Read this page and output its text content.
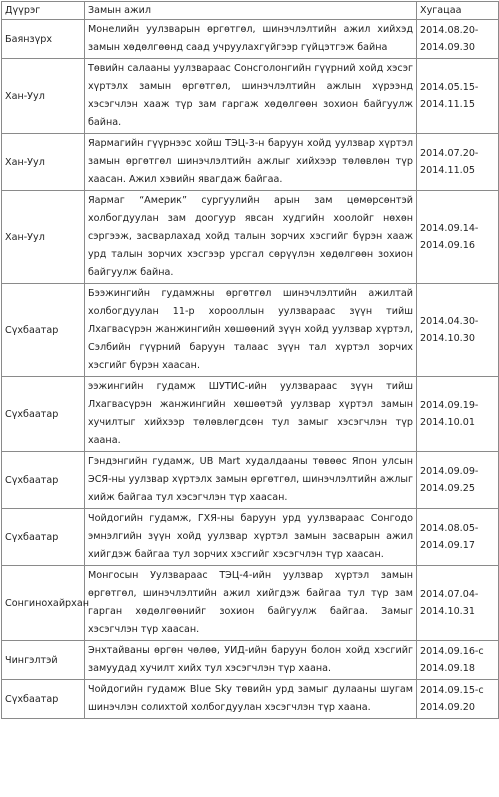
Дүүрэг	Замын ажил	Хугацаа
Баянзүрх	Монелийн уулзварын өргөтгөл, шинэчлэлтийн ажил хийхэд замын хөдөлгөөнд саад учруулахгүйгээр гүйцэтгэж байна	2014.08.20-
2014.09.30
Хан-Уул	Төвийн салааны уулзвараас Сонсголонгийн гүүрний хойд хэсэг хүртэлх замын өргөтгөл, шинэчлэлтийн ажлын хүрээнд хэсэгчлэн хааж түр зам гаргаж хөдөлгөөн зохион байгуулж байна.	2014.05.15-
2014.11.15
Хан-Уул	Яармагийн гүүрнээс хойш ТЭЦ-3-н баруун хойд уулзвар хүртэл замын өргөтгөл шинэчлэлтийн ажлыг хийхээр төлөвлөн түр хаасан. Ажил хэвийн явагдаж байгаа.	2014.07.20-
2014.11.05
Хан-Уул	Яармаг “Америк” сургуулийн арын зам цөмөрсөнтэй холбогдуулан зам доогуур явсан худгийн хоолойг нөхөн сэргээж, засварлахад хойд талын зорчих хэсгийг бүрэн хааж урд талын зорчих хэсгээр урсгал сөрүүлэн хөдөлгөөн зохион байгуулж байна.	2014.09.14-
2014.09.16
Сүхбаатар	Бээжингийн гудамжны өргөтгөл шинэчлэлтийн ажилтай холбогдуулан 11-р хорооллын уулзвараас зүүн тийш Лхагвасүрэн жанжингийн хөшөөний зүүн хойд уулзвар хүртэл, Сэлбийн гүүрний баруун талаас зүүн тал хүртэл зорчих хэсгийг бүрэн хаасан.	2014.04.30-
2014.10.30
Сүхбаатар	ээжингийн гудамж ШУТИС-ийн уулзвараас зүүн тийш Лхагвасүрэн жанжингийн хөшөөтэй уулзвар хүртэл замын хучилтыг хийхээр төлөвлөгдсөн тул замыг хэсэгчлэн түр хаана.	2014.09.19-
2014.10.01
Сүхбаатар	Гэндэнгийн гудамж, UB Mart худалдааны төвөөс Япон улсын ЭСЯ-ны уулзвар хүртэлх замын өргөтгөл, шинэчлэлтийн ажлыг хийж байгаа тул хэсэгчлэн түр хаасан.	2014.09.09-
2014.09.25
Сүхбаатар	Чойдогийн гудамж, ГХЯ-ны баруун урд уулзвараас Сонгодо эмнэлгийн зүүн хойд уулзвар хүртэл замын засварын ажил хийгдэж байгаа тул зорчих хэсгийг хэсэгчлэн түр хаасан.	2014.08.05-
2014.09.17
Сонгинохайрхан	Монгосын Уулзвараас ТЭЦ-4-ийн уулзвар хүртэл замын өргөтгөл, шинэчлэлтийн ажил хийгдэж байгаа тул түр зам гарган хөдөлгөөнийг зохион байгуулж байгаа. Замыг хэсэгчлэн түр хаасан.	2014.07.04-
2014.10.31
Чингэлтэй	Энхтайваны өргөн чөлөө, УИД-ийн баруун болон хойд хэсгийг замуудад хучилт хийх тул хэсэгчлэн түр хаана.	2014.09.16-с
2014.09.18
Сүхбаатар	Чойдогийн гудамж Blue Sky төвийн урд замыг дулааны шугам шинэчлэн солихтой холбогдуулан хэсэгчлэн түр хаана.	2014.09.15-с
2014.09.20
